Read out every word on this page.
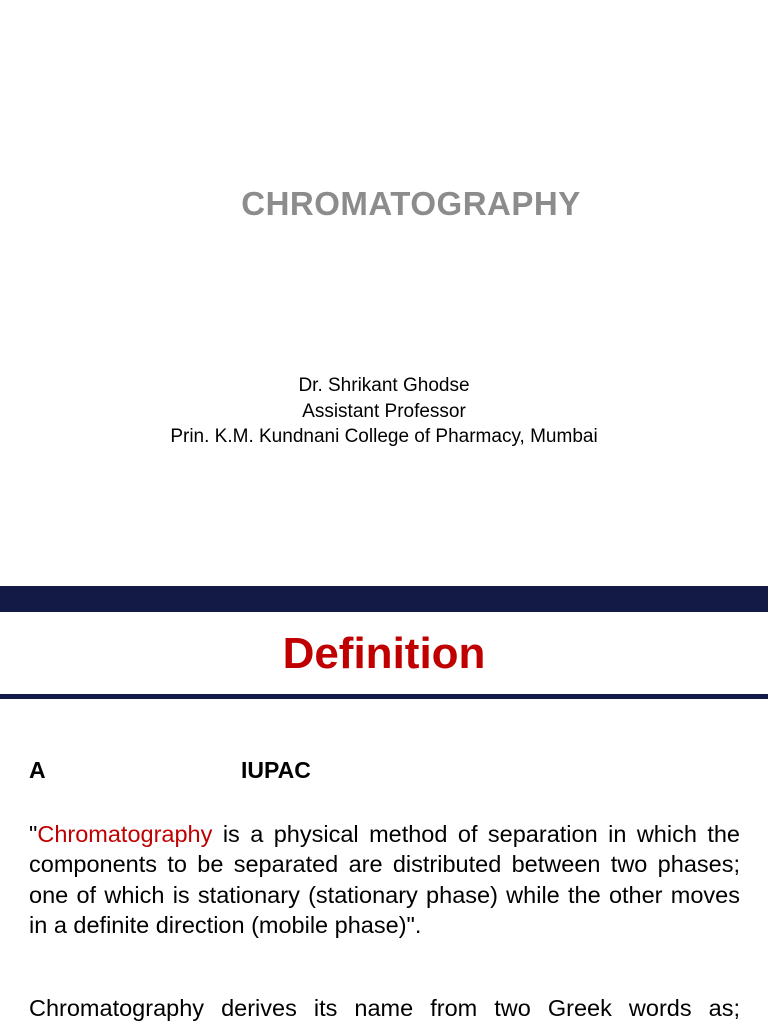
CHROMATOGRAPHY
Dr. Shrikant Ghodse
Assistant Professor
Prin. K.M. Kundnani College of Pharmacy, Mumbai
Definition
A	IUPAC
"Chromatography is a physical method of separation in which the components to be separated are distributed between two phases; one of which is stationary (stationary phase) while the other moves in a definite direction (mobile phase)".
Chromatography derives its name from two Greek words as;
